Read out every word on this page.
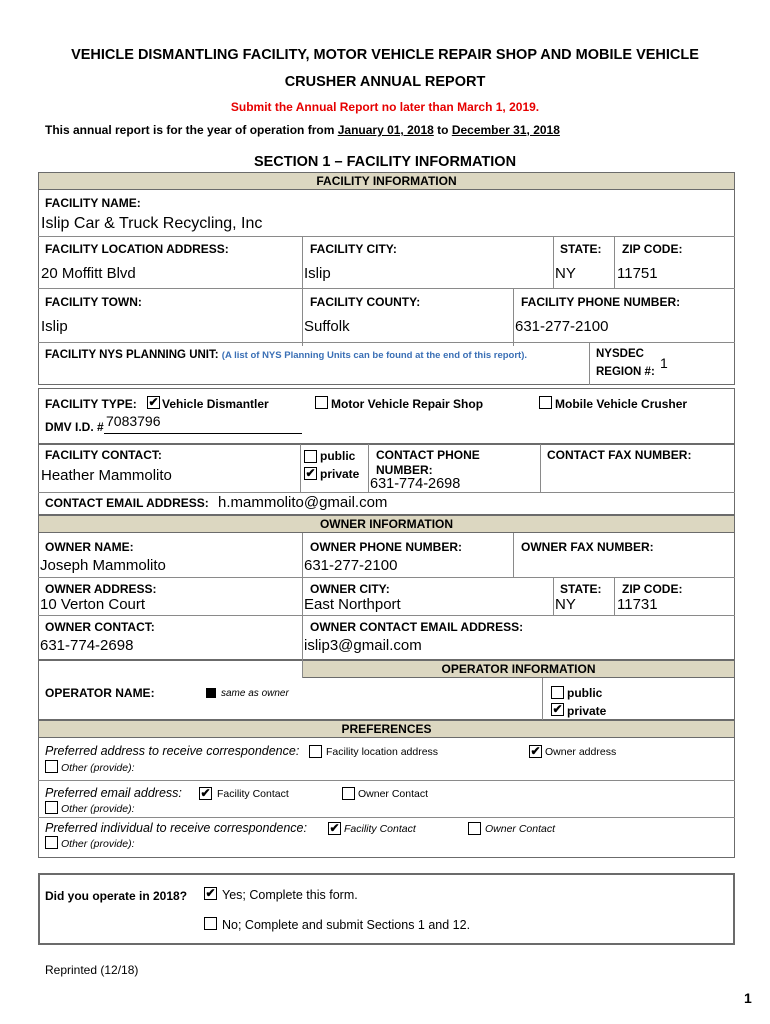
VEHICLE DISMANTLING FACILITY, MOTOR VEHICLE REPAIR SHOP AND MOBILE VEHICLE
CRUSHER ANNUAL REPORT
Submit the Annual Report no later than March 1, 2019.
This annual report is for the year of operation from January 01, 2018 to December 31, 2018
SECTION 1 – FACILITY INFORMATION
FACILITY INFORMATION
FACILITY NAME:
Islip Car & Truck Recycling, Inc
FACILITY LOCATION ADDRESS:	FACILITY CITY:	STATE: ZIP CODE:
20 Moffitt Blvd	Islip	NY	11751
FACILITY TOWN:	FACILITY COUNTY:	FACILITY PHONE NUMBER:
Islip	Suffolk	631-277-2100
FACILITY NYS PLANNING UNIT: (A list of NYS Planning Units can be found at the end of this report).	NYSDEC
REGION #:
1
FACILITY TYPE: ✔ Vehicle Dismantler	Motor Vehicle Repair Shop	Mobile Vehicle Crusher
DMV I.D. # 7083796
FACILITY CONTACT:
Heather Mammolito
public
✔ private
CONTACT PHONE
NUMBER:
631-774-2698
CONTACT FAX NUMBER:
CONTACT EMAIL ADDRESS: h.mammolito@gmail.com
OWNER INFORMATION
OWNER NAME:
Joseph Mammolito
OWNER PHONE NUMBER:
631-277-2100
OWNER FAX NUMBER:
OWNER ADDRESS:
10 Verton Court
OWNER CITY:
East Northport
STATE:
NY
ZIP CODE:
11731
OWNER CONTACT:
631-774-2698
OWNER CONTACT EMAIL ADDRESS:
islip3@gmail.com
OPERATOR INFORMATION
OPERATOR NAME:	same as owner	public
✔ private
PREFERENCES
Preferred address to receive correspondence:	Facility location address	✔ Owner address
Other (provide):
Preferred email address: ✔ Facility Contact	Owner Contact
Other (provide):
Preferred individual to receive correspondence: ✔ Facility Contact	Owner Contact
Other (provide):
Did you operate in 2018? ✔ Yes; Complete this form.
No; Complete and submit Sections 1 and 12.
Reprinted (12/18)
1
